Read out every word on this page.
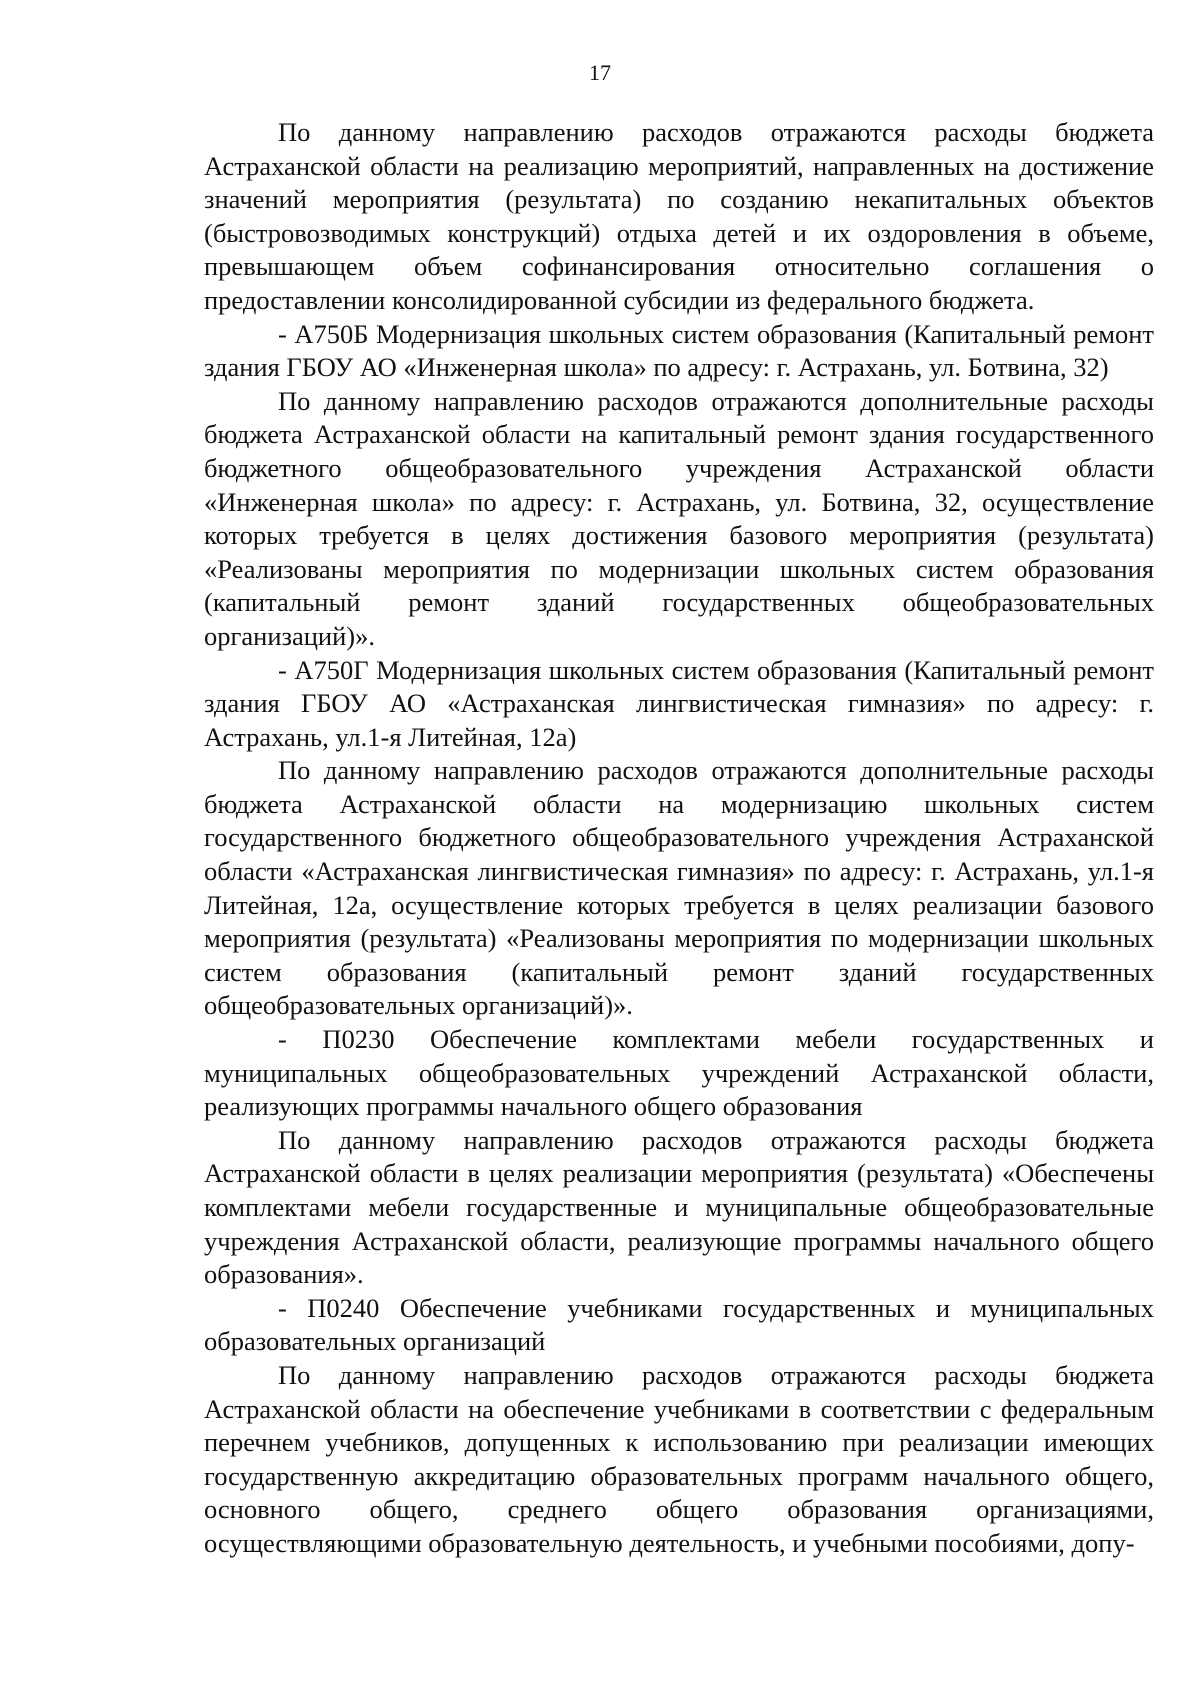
17

По данному направлению расходов отражаются расходы бюджета Астраханской области на реализацию мероприятий, направленных на достижение значений мероприятия (результата) по созданию некапитальных объектов (быстровозводимых конструкций) отдыха детей и их оздоровления в объеме, превышающем объем софинансирования относительно соглашения о предоставлении консолидированной субсидии из федерального бюджета.

- А750Б Модернизация школьных систем образования (Капитальный ремонт здания ГБОУ АО «Инженерная школа» по адресу: г. Астрахань, ул. Ботвина, 32)

По данному направлению расходов отражаются дополнительные расходы бюджета Астраханской области на капитальный ремонт здания государственного бюджетного общеобразовательного учреждения Астраханской области «Инженерная школа» по адресу: г. Астрахань, ул. Ботвина, 32, осуществление которых требуется в целях достижения базового мероприятия (результата) «Реализованы мероприятия по модернизации школьных систем образования (капитальный ремонт зданий государственных общеобразовательных организаций)».

- А750Г Модернизация школьных систем образования (Капитальный ремонт здания ГБОУ АО «Астраханская лингвистическая гимназия» по адресу: г. Астрахань, ул.1-я Литейная, 12а)

По данному направлению расходов отражаются дополнительные расходы бюджета Астраханской области на модернизацию школьных систем государственного бюджетного общеобразовательного учреждения Астраханской области «Астраханская лингвистическая гимназия» по адресу: г. Астрахань, ул.1-я Литейная, 12а, осуществление которых требуется в целях реализации базового мероприятия (результата) «Реализованы мероприятия по модернизации школьных систем образования (капитальный ремонт зданий государственных общеобразовательных организаций)».

- П0230 Обеспечение комплектами мебели государственных и муниципальных общеобразовательных учреждений Астраханской области, реализующих программы начального общего образования

По данному направлению расходов отражаются расходы бюджета Астраханской области в целях реализации мероприятия (результата) «Обеспечены комплектами мебели государственные и муниципальные общеобразовательные учреждения Астраханской области, реализующие программы начального общего образования».

- П0240 Обеспечение учебниками государственных и муниципальных образовательных организаций

По данному направлению расходов отражаются расходы бюджета Астраханской области на обеспечение учебниками в соответствии с федеральным перечнем учебников, допущенных к использованию при реализации имеющих государственную аккредитацию образовательных программ начального общего, основного общего, среднего общего образования организациями, осуществляющими образовательную деятельность, и учебными пособиями, допу-
